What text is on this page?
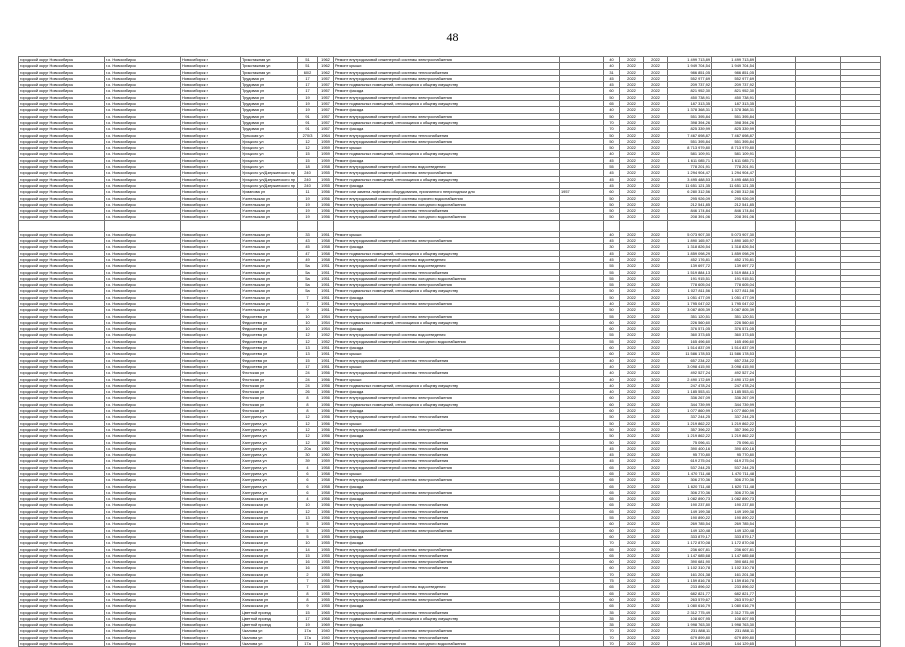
48
городской округ Новосибирск	г.о. Новосибирск	Новосибирск г	Трикотажная ул	51	1962	Ремонт внутридомовой инженерной системы электроснабжения		40	2022	2022	1 499 713,89	1 499 713,89			
городской округ Новосибирск	г.о. Новосибирск	Новосибирск г	Трикотажная ул	51	1962	Ремонт крыши		40	2022	2022	1 949 704,54	1 949 704,54			
городской округ Новосибирск	г.о. Новосибирск	Новосибирск г	Трикотажная ул	60/2	1962	Ремонт внутридомовой инженерной системы теплоснабжения		31	2022	2022	986 851,05	986 851,05			
городской округ Новосибирск	г.о. Новосибирск	Новосибирск г	Трудовая ул	17	1957	Ремонт внутридомовой инженерной системы электроснабжения		45	2022	2022	552 977,69	552 977,69			
городской округ Новосибирск	г.о. Новосибирск	Новосибирск г	Трудовая ул	17	1957	Ремонт подвальных помещений, относящихся к общему имуществу		45	2022	2022	209 737,92	209 737,92			
городской округ Новосибирск	г.о. Новосибирск	Новосибирск г	Трудовая ул	17	1957	Ремонт фасада		60	2022	2022	821 952,30	821 952,30			
городской округ Новосибирск	г.о. Новосибирск	Новосибирск г	Трудовая ул	19	1957	Ремонт внутридомовой инженерной системы электроснабжения		50	2022	2022	450 738,91	450 738,91			
городской округ Новосибирск	г.о. Новосибирск	Новосибирск г	Трудовая ул	19	1957	Ремонт подвальных помещений, относящихся к общему имуществу		65	2022	2022	187 313,35	187 313,35			
городской округ Новосибирск	г.о. Новосибирск	Новосибирск г	Трудовая ул	19	1957	Ремонт фасада		40	2022	2022	1 378 368,31	1 378 368,31			
городской округ Новосибирск	г.о. Новосибирск	Новосибирск г	Трудовая ул	91	1957	Ремонт внутридомовой инженерной системы электроснабжения		50	2022	2022	551 395,84	551 395,84			
городской округ Новосибирск	г.о. Новосибирск	Новосибирск г	Трудовая ул	91	1957	Ремонт подвальных помещений, относящихся к общему имуществу		70	2022	2022	398 394,26	398 394,26			
городской округ Новосибирск	г.о. Новосибирск	Новосибирск г	Трудовая ул	91	1957	Ремонт фасада		70	2022	2022	825 339,99	825 339,99			
городской округ Новосибирск	г.о. Новосибирск	Новосибирск г	Тульская ул	270/3	1964	Ремонт внутридомовой инженерной системы теплоснабжения		50	2022	2022	7 467 698,87	7 467 698,87			
городской округ Новосибирск	г.о. Новосибирск	Новосибирск г	Урицкого ул	12	1959	Ремонт внутридомовой инженерной системы электроснабжения		50	2022	2022	551 395,84	551 395,84			
городской округ Новосибирск	г.о. Новосибирск	Новосибирск г	Урицкого ул	12	1959	Ремонт крыши		50	2022	2022	8 713 979,80	8 713 979,80			
городской округ Новосибирск	г.о. Новосибирск	Новосибирск г	Урицкого ул	15	1959	Ремонт подвальных помещений, относящихся к общему имуществу		40	2022	2022	581 109,91	581 109,91			
городской округ Новосибирск	г.о. Новосибирск	Новосибирск г	Урицкого ул	15	1959	Ремонт фасада		45	2022	2022	1 611 085,71	1 611 085,71			
городской округ Новосибирск	г.о. Новосибирск	Новосибирск г	Урицкого ул	18	1958	Ремонт внутридомовой инженерной системы водоотведения		55	2022	2022	778 201,91	778 201,91			
городской округ Новосибирск	г.о. Новосибирск	Новосибирск г	Урицкого ул/Дзержинского пр	240	1955	Ремонт внутридомовой инженерной системы электроснабжения		45	2022	2022	1 294 904,47	1 294 904,47			
городской округ Новосибирск	г.о. Новосибирск	Новосибирск г	Урицкого ул/Дзержинского пр	240	1955	Ремонт подвальных помещений, относящихся к общему имуществу		45	2022	2022	3 495 488,53	3 495 488,53			
городской округ Новосибирск	г.о. Новосибирск	Новосибирск г	Урицкого ул/Дзержинского пр	240	1955	Ремонт фасада		45	2022	2022	11 651 121,35	11 651 121,35			
городской округ Новосибирск	г.о. Новосибирск	Новосибирск г	Урманова ул	11	1956	Ремонт или замена лифтового оборудования, признанного непригодным для	1957	60	2022	2022	6 280 312,56	6 280 312,56			
городской округ Новосибирск	г.о. Новосибирск	Новосибирск г	Учительская ул	19	1956	Ремонт внутридомовой инженерной системы горячего водоснабжения		50	2022	2022	295 926,09	295 926,09			
городской округ Новосибирск	г.о. Новосибирск	Новосибирск г	Учительская ул	19	1956	Ремонт внутридомовой инженерной системы холодного водоснабжения		50	2022	2022	212 541,85	212 541,85			
городской округ Новосибирск	г.о. Новосибирск	Новосибирск г	Учительская ул	19	1956	Ремонт внутридомовой инженерной системы теплоснабжения		50	2022	2022	846 174,84	846 174,84			
городской округ Новосибирск	г.о. Новосибирск	Новосибирск г	Учительская ул	19	1956	Ремонт внутридомовой инженерной системы холодного водоснабжения		50	2022	2022	208 391,06	208 391,06			

городской округ Новосибирск	г.о. Новосибирск	Новосибирск г	Учительская ул	33	1951	Ремонт крыши		40	2022	2022	5 073 907,30	5 073 907,30			
городской округ Новосибирск	г.о. Новосибирск	Новосибирск г	Учительская ул	43	1958	Ремонт внутридомовой инженерной системы электроснабжения		45	2022	2022	1 890 165,97	1 890 165,97			
городской округ Новосибирск	г.о. Новосибирск	Новосибирск г	Учительская ул	45	1958	Ремонт фасада		30	2022	2022	1 318 826,54	1 318 826,54			
городской округ Новосибирск	г.о. Новосибирск	Новосибирск г	Учительская ул	47	1958	Ремонт подвальных помещений, относящихся к общему имуществу		45	2022	2022	1 859 098,29	1 859 098,29			
городской округ Новосибирск	г.о. Новосибирск	Новосибирск г	Учительская ул	49	1958	Ремонт внутридомовой инженерной системы водоотведения		45	2022	2022	452 176,81	452 176,81			
городской округ Новосибирск	г.о. Новосибирск	Новосибирск г	Учительская ул	5а	1951	Ремонт внутридомовой инженерной системы водоотведения		55	2022	2022	139 697,72	139 697,72			
городской округ Новосибирск	г.о. Новосибирск	Новосибирск г	Учительская ул	5а	1951	Ремонт внутридомовой инженерной системы теплоснабжения		55	2022	2022	1 519 884,13	1 519 884,13			
городской округ Новосибирск	г.о. Новосибирск	Новосибирск г	Учительская ул	5а	1951	Ремонт внутридомовой инженерной системы холодного водоснабжения		55	2022	2022	191 915,51	191 915,51			
городской округ Новосибирск	г.о. Новосибирск	Новосибирск г	Учительская ул	5а	1951	Ремонт внутридомовой инженерной системы электроснабжения		55	2022	2022	778 605,04	778 605,04			
городской округ Новосибирск	г.о. Новосибирск	Новосибирск г	Учительская ул	5а	1951	Ремонт подвальных помещений, относящихся к общему имуществу		50	2022	2022	1 027 811,56	1 027 811,56			
городской округ Новосибирск	г.о. Новосибирск	Новосибирск г	Учительская ул	7	1951	Ремонт фасада		50	2022	2022	1 051 477,09	1 051 477,09			
городской округ Новосибирск	г.о. Новосибирск	Новосибирск г	Учительская ул	7	1951	Ремонт внутридомовой инженерной системы электроснабжения		40	2022	2022	1 795 047,02	1 795 047,02			
городской округ Новосибирск	г.о. Новосибирск	Новосибирск г	Учительская ул	9	1951	Ремонт крыши		50	2022	2022	3 087 805,39	3 087 805,39			
городской округ Новосибирск	г.о. Новосибирск	Новосибирск г	Федосеева ул	10	1954	Ремонт внутридомовой инженерной системы электроснабжения		55	2022	2022	351 120,51	351 120,51			
городской округ Новосибирск	г.о. Новосибирск	Новосибирск г	Федосеева ул	10	1954	Ремонт подвальных помещений, относящихся к общему имуществу		60	2022	2022	226 560,60	226 560,60			
городской округ Новосибирск	г.о. Новосибирск	Новосибирск г	Федосеева ул	10	1954	Ремонт фасада		60	2022	2022	376 571,05	376 571,05			
городской округ Новосибирск	г.о. Новосибирск	Новосибирск г	Федосеева ул	12	1952	Ремонт внутридомовой инженерной системы водоотведения		55	2022	2022	360 373,65	360 373,65			
городской округ Новосибирск	г.о. Новосибирск	Новосибирск г	Федосеева ул	12	1952	Ремонт внутридомовой инженерной системы холодного водоснабжения		55	2022	2022	165 496,60	165 496,60			
городской округ Новосибирск	г.о. Новосибирск	Новосибирск г	Федосеева ул	13	1951	Ремонт фасада		60	2022	2022	1 514 837,09	1 514 837,09			
городской округ Новосибирск	г.о. Новосибирск	Новосибирск г	Федосеева ул	13	1951	Ремонт крыши		60	2022	2022	11 586 178,53	11 586 178,53			
городской округ Новосибирск	г.о. Новосибирск	Новосибирск г	Федосеева ул	15	1951	Ремонт внутридомовой инженерной системы теплоснабжения		40	2022	2022	657 234,22	657 234,22			
городской округ Новосибирск	г.о. Новосибирск	Новосибирск г	Федосеева ул	17	1951	Ремонт крыши		40	2022	2022	3 098 415,90	3 098 415,90			
городской округ Новосибирск	г.о. Новосибирск	Новосибирск г	Флотская ул	24	1956	Ремонт внутридомовой инженерной системы теплоснабжения		40	2022	2022	492 527,24	492 527,24			
городской округ Новосибирск	г.о. Новосибирск	Новосибирск г	Флотская ул	24	1956	Ремонт крыши		40	2022	2022	2 490 172,69	2 490 172,69			
городской округ Новосибирск	г.о. Новосибирск	Новосибирск г	Флотская ул	24	1956	Ремонт подвальных помещений, относящихся к общему имуществу		40	2022	2022	247 478,24	247 478,24			
городской округ Новосибирск	г.о. Новосибирск	Новосибирск г	Флотская ул	26	1956	Ремонт фасада		40	2022	2022	1 185 553,41	1 185 553,41			
городской округ Новосибирск	г.о. Новосибирск	Новосибирск г	Флотская ул	8	1956	Ремонт внутридомовой инженерной системы электроснабжения		60	2022	2022	336 267,09	336 267,09			
городской округ Новосибирск	г.о. Новосибирск	Новосибирск г	Флотская ул	8	1956	Ремонт подвальных помещений, относящихся к общему имуществу		60	2022	2022	344 739,99	344 739,99			
городской округ Новосибирск	г.о. Новосибирск	Новосибирск г	Флотская ул	8	1956	Ремонт фасада		60	2022	2022	1 077 860,99	1 077 860,99			
городской округ Новосибирск	г.о. Новосибирск	Новосибирск г	Халтурина ул	12	1956	Ремонт внутридомовой инженерной системы теплоснабжения		50	2022	2022	337 244,25	337 244,25			
городской округ Новосибирск	г.о. Новосибирск	Новосибирск г	Халтурина ул	12	1956	Ремонт крыши		50	2022	2022	1 219 862,22	1 219 862,22			
городской округ Новосибирск	г.о. Новосибирск	Новосибирск г	Халтурина ул	12	1956	Ремонт внутридомовой инженерной системы электроснабжения		50	2022	2022	357 396,22	357 396,22			
городской округ Новосибирск	г.о. Новосибирск	Новосибирск г	Халтурина ул	12	1956	Ремонт фасада		50	2022	2022	1 219 862,22	1 219 862,22			
городской округ Новосибирск	г.о. Новосибирск	Новосибирск г	Халтурина ул	12	1956	Ремонт внутридомовой инженерной системы теплоснабжения		50	2022	2022	75 096,41	75 096,41			
городской округ Новосибирск	г.о. Новосибирск	Новосибирск г	Халтурина ул	20а	1960	Ремонт внутридомовой инженерной системы теплоснабжения		45	2022	2022	390 400,16	390 400,16			
городской округ Новосибирск	г.о. Новосибирск	Новосибирск г	Халтурина ул	30	1960	Ремонт внутридомовой инженерной системы теплоснабжения		45	2022	2022	95 770,80	95 770,80			
городской округ Новосибирск	г.о. Новосибирск	Новосибирск г	Халтурина ул	39	1959	Ремонт внутридомовой инженерной системы теплоснабжения		45	2022	2022	619 275,04	619 275,04			
городской округ Новосибирск	г.о. Новосибирск	Новосибирск г	Халтурина ул	4	1958	Ремонт внутридомовой инженерной системы электроснабжения		65	2022	2022	537 244,25	537 244,25			
городской округ Новосибирск	г.о. Новосибирск	Новосибирск г	Халтурина ул	6	1958	Ремонт крыши		65	2022	2022	1 470 711,48	1 470 711,48			
городской округ Новосибирск	г.о. Новосибирск	Новосибирск г	Халтурина ул	6	1958	Ремонт внутридомовой инженерной системы электроснабжения		65	2022	2022	306 270,36	306 270,36			
городской округ Новосибирск	г.о. Новосибирск	Новосибирск г	Халтурина ул	6	1958	Ремонт фасада		65	2022	2022	1 620 711,48	1 620 711,48			
городской округ Новосибирск	г.о. Новосибирск	Новосибирск г	Халтурина ул	6	1958	Ремонт внутридомовой инженерной системы электроснабжения		65	2022	2022	306 270,36	306 270,36			
городской округ Новосибирск	г.о. Новосибирск	Новосибирск г	Ханкасская ул	4	1956	Ремонт фасада		65	2022	2022	1 082 890,73	1 082 890,73			
городской округ Новосибирск	г.о. Новосибирск	Новосибирск г	Ханкасская ул	10	1956	Ремонт внутридомовой инженерной системы теплоснабжения		65	2022	2022	190 237,80	190 237,80			
городской округ Новосибирск	г.о. Новосибирск	Новосибирск г	Ханкасская ул	12	1956	Ремонт внутридомовой инженерной системы теплоснабжения		65	2022	2022	149 199,38	149 199,38			
городской округ Новосибирск	г.о. Новосибирск	Новосибирск г	Ханкасская ул	13	1956	Ремонт внутридомовой инженерной системы теплоснабжения		55	2022	2022	190 890,22	190 890,22			
городской округ Новосибирск	г.о. Новосибирск	Новосибирск г	Ханкасская ул	5	1955	Ремонт внутридомовой инженерной системы теплоснабжения		60	2022	2022	269 785,54	269 785,54			
городской округ Новосибирск	г.о. Новосибирск	Новосибирск г	Ханкасская ул	5	1955	Ремонт внутридомовой инженерной системы электроснабжения		60	2022	2022	149 120,48	149 120,48			
городской округ Новосибирск	г.о. Новосибирск	Новосибирск г	Ханкасская ул	5	1955	Ремонт фасада		60	2022	2022	333 879,17	333 879,17			
городской округ Новосибирск	г.о. Новосибирск	Новосибирск г	Ханкасская ул	10	1955	Ремонт фасада		70	2022	2022	1 172 870,08	1 172 870,08			
городской округ Новосибирск	г.о. Новосибирск	Новосибирск г	Ханкасская ул	14	1955	Ремонт внутридомовой инженерной системы электроснабжения		65	2022	2022	236 607,81	236 607,81			
городской округ Новосибирск	г.о. Новосибирск	Новосибирск г	Ханкасская ул	15	1955	Ремонт внутридомовой инженерной системы теплоснабжения		65	2022	2022	1 147 685,68	1 147 685,68			
городской округ Новосибирск	г.о. Новосибирск	Новосибирск г	Ханкасская ул	16	1955	Ремонт внутридомовой инженерной системы электроснабжения		60	2022	2022	390 681,90	390 681,90			
городской округ Новосибирск	г.о. Новосибирск	Новосибирск г	Ханкасская ул	16	1955	Ремонт внутридомовой инженерной системы теплоснабжения		60	2022	2022	1 102 310,78	1 102 310,78			
городской округ Новосибирск	г.о. Новосибирск	Новосибирск г	Ханкасская ул	2	1955	Ремонт фасада		70	2022	2022	161 201,38	161 201,38			
городской округ Новосибирск	г.о. Новосибирск	Новосибирск г	Ханкасская ул	7	1955	Ремонт фасада		75	2022	2022	1 159 816,78	1 159 816,78			
городской округ Новосибирск	г.о. Новосибирск	Новосибирск г	Ханкасская ул	7	1955	Ремонт внутридомовой инженерной системы водоотведения		65	2022	2022	233 896,02	233 896,02			
городской округ Новосибирск	г.о. Новосибирск	Новосибирск г	Ханкасская ул	8	1955	Ремонт внутридомовой инженерной системы теплоснабжения		65	2022	2022	682 821,77	682 821,77			
городской округ Новосибирск	г.о. Новосибирск	Новосибирск г	Ханкасская ул	8	1955	Ремонт внутридомовой инженерной системы электроснабжения		60	2022	2022	263 579,67	263 579,67			
городской округ Новосибирск	г.о. Новосибирск	Новосибирск г	Ханкасская ул	9	1955	Ремонт фасада		65	2022	2022	1 080 616,79	1 080 616,79			
городской округ Новосибирск	г.о. Новосибирск	Новосибирск г	Цветной проезд	15	1965	Ремонт внутридомовой инженерной системы теплоснабжения		35	2022	2022	2 312 775,49	2 312 775,49			
городской округ Новосибирск	г.о. Новосибирск	Новосибирск г	Цветной проезд	17	1968	Ремонт подвальных помещений, относящихся к общему имуществу		35	2022	2022	108 607,95	108 607,95			
городской округ Новосибирск	г.о. Новосибирск	Новосибирск г	Цветной проезд	19	1969	Ремонт фасада		35	2022	2022	1 998 763,30	1 998 763,30			
городской округ Новосибирск	г.о. Новосибирск	Новосибирск г	Чкалова ул	17а	1940	Ремонт внутридомовой инженерной системы электроснабжения		70	2022	2022	231 888,11	231 888,11			
городской округ Новосибирск	г.о. Новосибирск	Новосибирск г	Чкалова ул	17а	1940	Ремонт внутридомовой инженерной системы теплоснабжения		70	2022	2022	679 899,80	679 899,80			
городской округ Новосибирск	г.о. Новосибирск	Новосибирск г	Чкалова ул	17а	1940	Ремонт внутридомовой инженерной системы холодного водоснабжения		70	2022	2022	144 129,65	144 129,65			
